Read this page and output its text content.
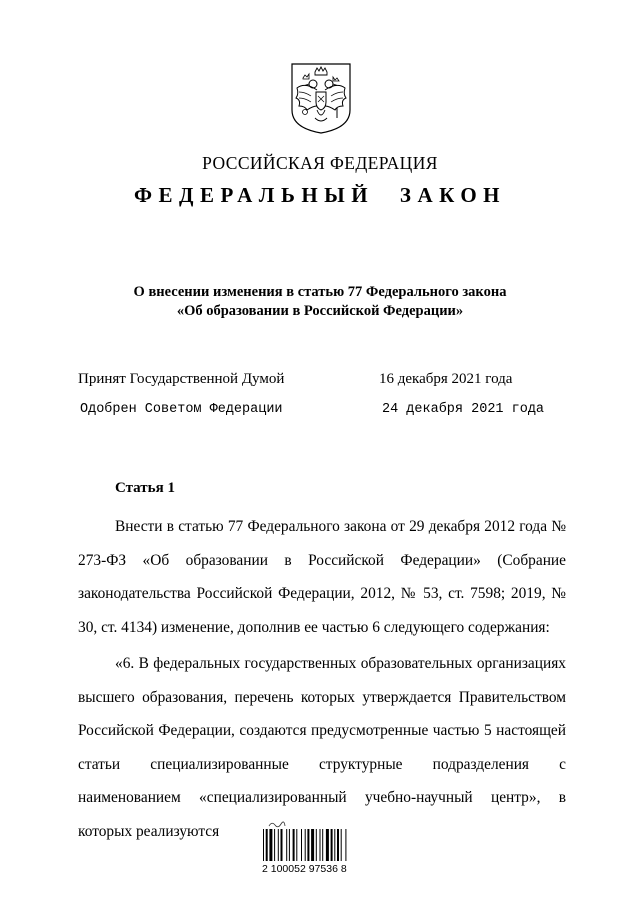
РОССИЙСКАЯ ФЕДЕРАЦИЯ
ФЕДЕРАЛЬНЫЙ ЗАКОН
О внесении изменения в статью 77 Федерального закона
«Об образовании в Российской Федерации»
Принят Государственной Думой	16 декабря 2021 года
Одобрен Советом Федерации	24 декабря 2021 года
Статья 1
Внести в статью 77 Федерального закона от 29 декабря 2012 года № 273-ФЗ «Об образовании в Российской Федерации» (Собрание законодательства Российской Федерации, 2012, № 53, ст. 7598; 2019, № 30, ст. 4134) изменение, дополнив ее частью 6 следующего содержания:
«6. В федеральных государственных образовательных организациях высшего образования, перечень которых утверждается Правительством Российской Федерации, создаются предусмотренные частью 5 настоящей статьи специализированные структурные подразделения с наименованием «специализированный учебно-научный центр», в которых реализуются
2 100052 97536 8
